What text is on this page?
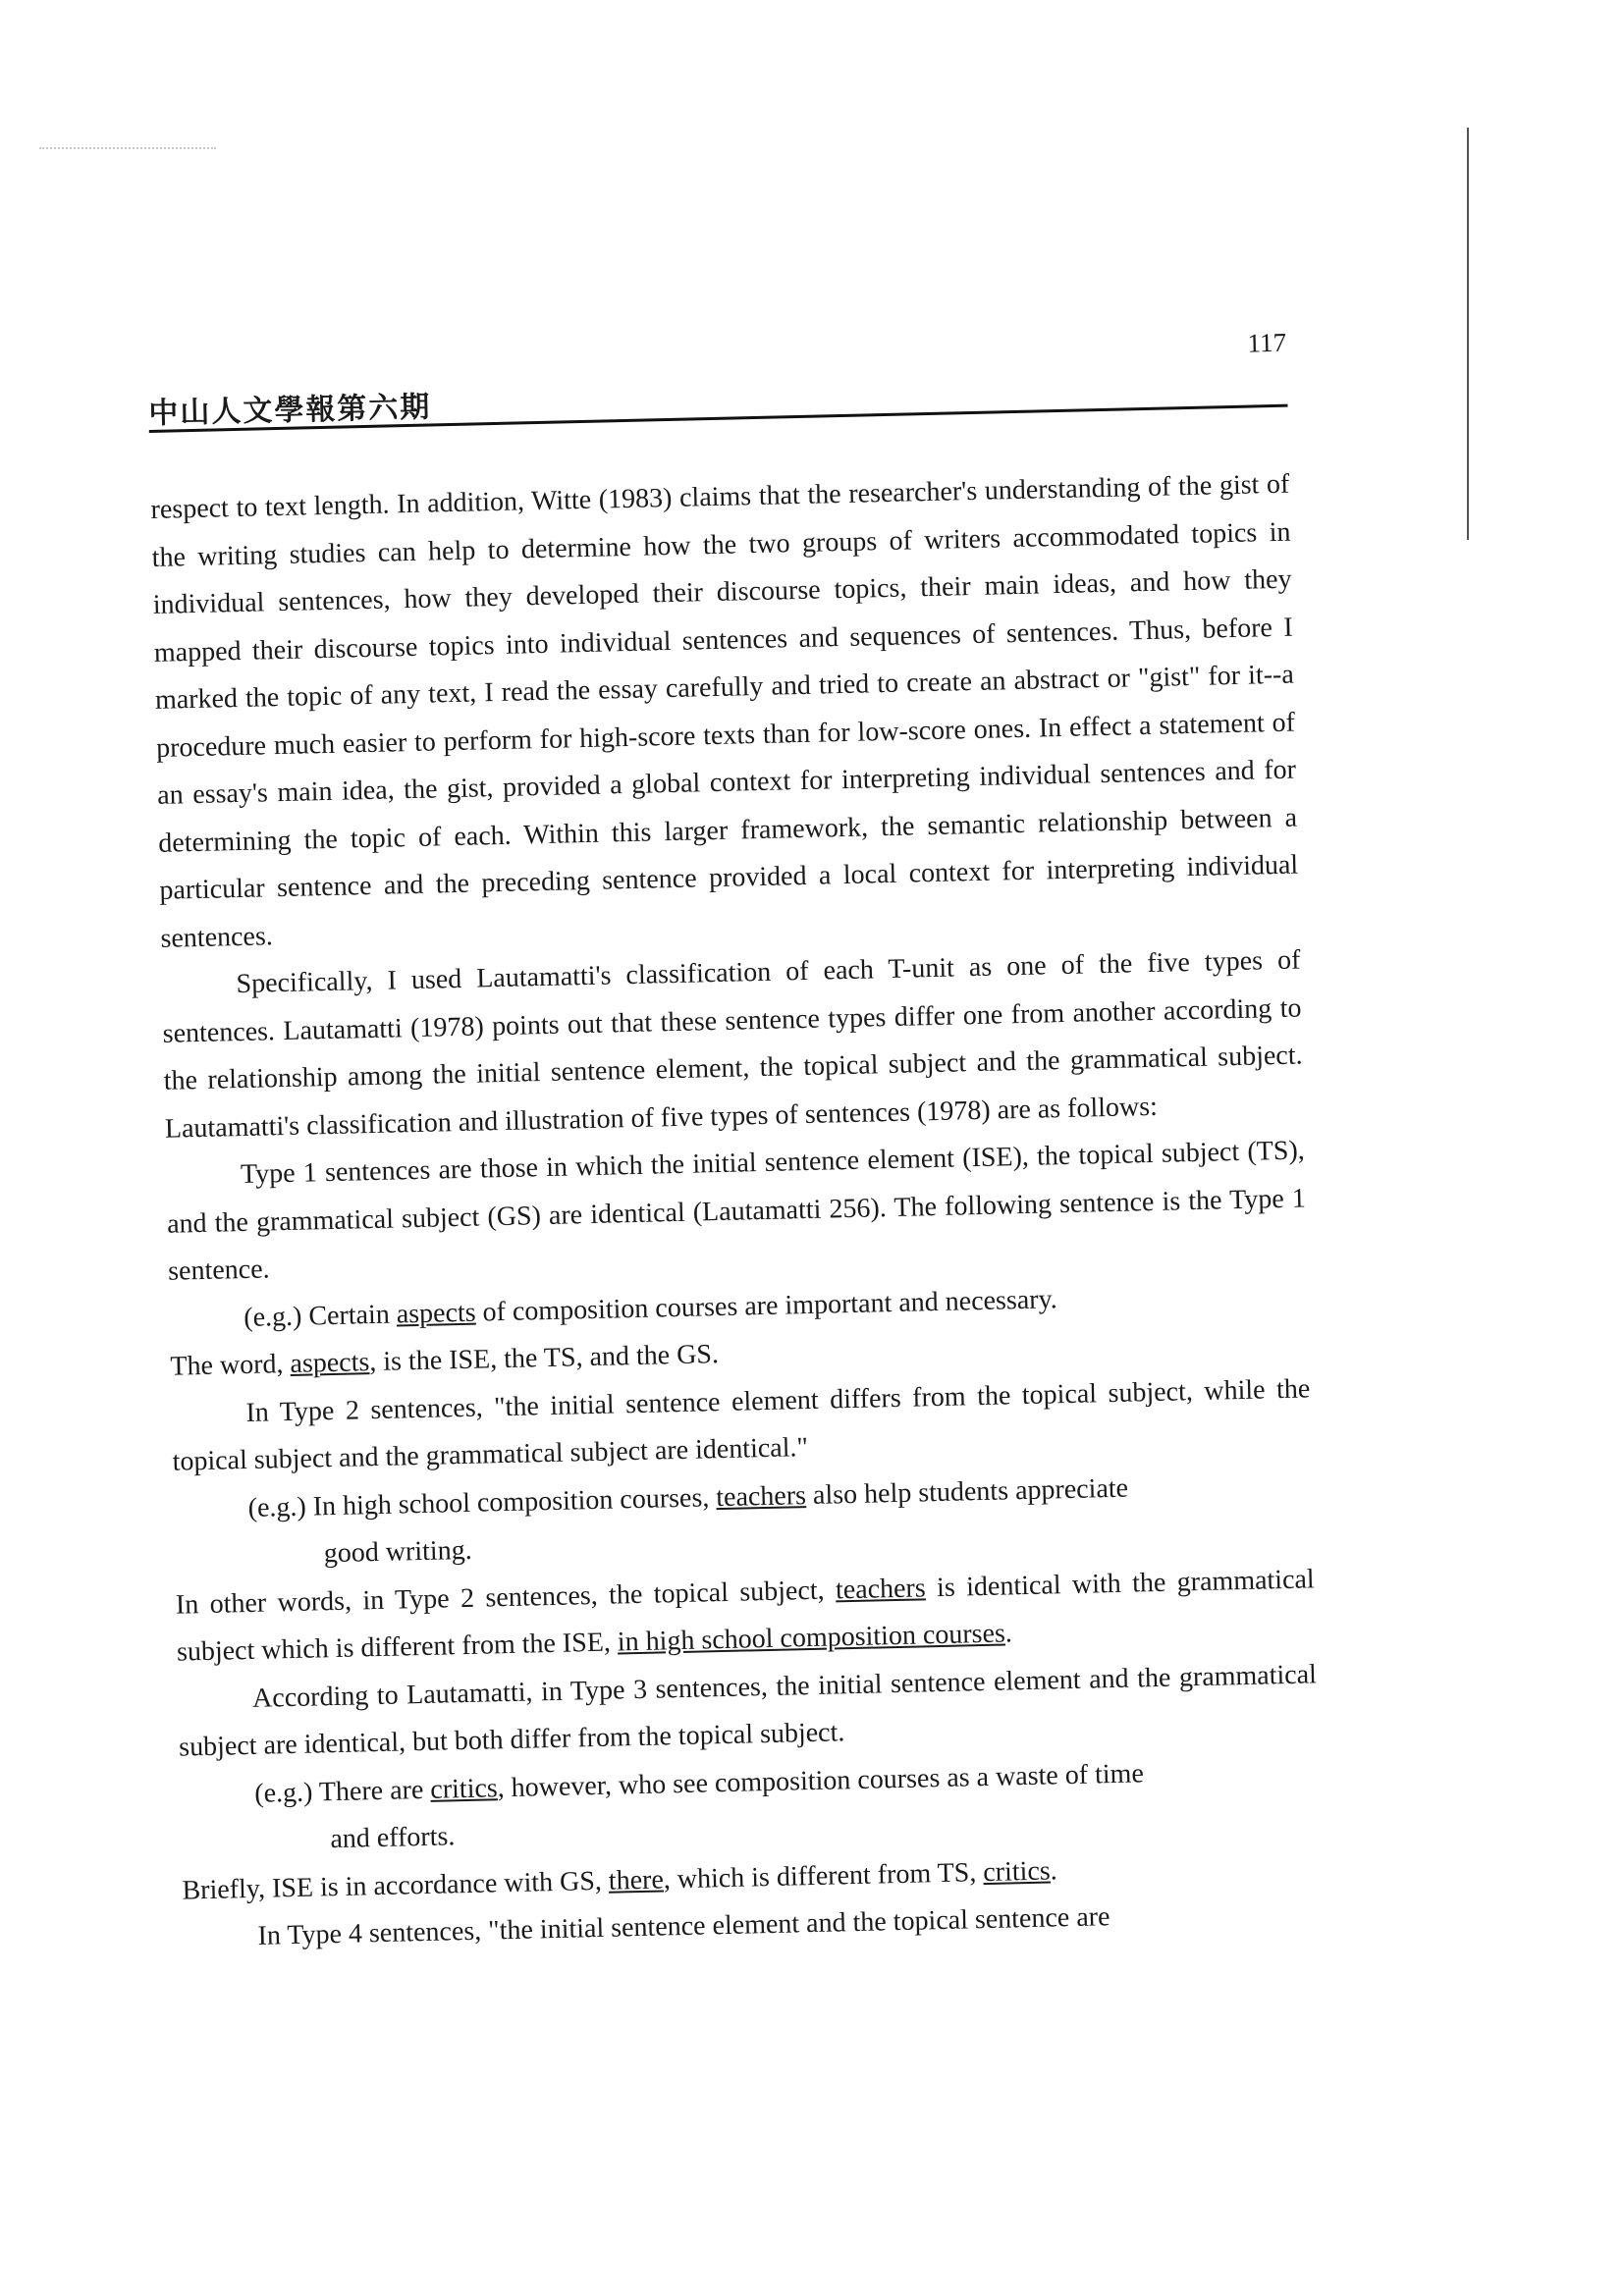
中山人文學報第六期
117

respect to text length. In addition, Witte (1983) claims that the researcher's understanding of the gist of the writing studies can help to determine how the two groups of writers accommodated topics in individual sentences, how they developed their discourse topics, their main ideas, and how they mapped their discourse topics into individual sentences and sequences of sentences. Thus, before I marked the topic of any text, I read the essay carefully and tried to create an abstract or "gist" for it--a procedure much easier to perform for high-score texts than for low-score ones. In effect a statement of an essay's main idea, the gist, provided a global context for interpreting individual sentences and for determining the topic of each. Within this larger framework, the semantic relationship between a particular sentence and the preceding sentence provided a local context for interpreting individual sentences.

Specifically, I used Lautamatti's classification of each T-unit as one of the five types of sentences. Lautamatti (1978) points out that these sentence types differ one from another according to the relationship among the initial sentence element, the topical subject and the grammatical subject. Lautamatti's classification and illustration of five types of sentences (1978) are as follows:

Type 1 sentences are those in which the initial sentence element (ISE), the topical subject (TS), and the grammatical subject (GS) are identical (Lautamatti 256). The following sentence is the Type 1 sentence.

(e.g.) Certain aspects of composition courses are important and necessary.

The word, aspects, is the ISE, the TS, and the GS.

In Type 2 sentences, "the initial sentence element differs from the topical subject, while the topical subject and the grammatical subject are identical."

(e.g.) In high school composition courses, teachers also help students appreciate
good writing.

In other words, in Type 2 sentences, the topical subject, teachers is identical with the grammatical subject which is different from the ISE, in high school composition courses.

According to Lautamatti, in Type 3 sentences, the initial sentence element and the grammatical subject are identical, but both differ from the topical subject.

(e.g.) There are critics, however, who see composition courses as a waste of time
and efforts.

Briefly, ISE is in accordance with GS, there, which is different from TS, critics.

In Type 4 sentences, "the initial sentence element and the topical sentence are
